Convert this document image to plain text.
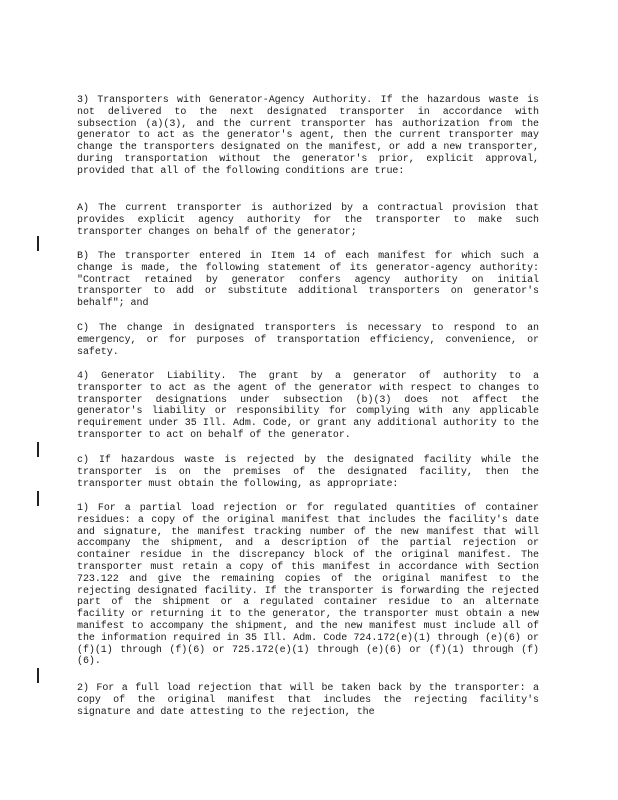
3) Transporters with Generator-Agency Authority. If the hazardous waste is not delivered to the next designated transporter in accordance with subsection (a)(3), and the current transporter has authorization from the generator to act as the generator's agent, then the current transporter may change the transporters designated on the manifest, or add a new transporter, during transportation without the generator's prior, explicit approval, provided that all of the following conditions are true:

A) The current transporter is authorized by a contractual provision that provides explicit agency authority for the transporter to make such transporter changes on behalf of the generator;

B) The transporter entered in Item 14 of each manifest for which such a change is made, the following statement of its generator-agency authority: "Contract retained by generator confers agency authority on initial transporter to add or substitute additional transporters on generator's behalf"; and

C) The change in designated transporters is necessary to respond to an emergency, or for purposes of transportation efficiency, convenience, or safety.

4) Generator Liability. The grant by a generator of authority to a transporter to act as the agent of the generator with respect to changes to transporter designations under subsection (b)(3) does not affect the generator's liability or responsibility for complying with any applicable requirement under 35 Ill. Adm. Code, or grant any additional authority to the transporter to act on behalf of the generator.

c) If hazardous waste is rejected by the designated facility while the transporter is on the premises of the designated facility, then the transporter must obtain the following, as appropriate:

1) For a partial load rejection or for regulated quantities of container residues: a copy of the original manifest that includes the facility's date and signature, the manifest tracking number of the new manifest that will accompany the shipment, and a description of the partial rejection or container residue in the discrepancy block of the original manifest. The transporter must retain a copy of this manifest in accordance with Section 723.122 and give the remaining copies of the original manifest to the rejecting designated facility. If the transporter is forwarding the rejected part of the shipment or a regulated container residue to an alternate facility or returning it to the generator, the transporter must obtain a new manifest to accompany the shipment, and the new manifest must include all of the information required in 35 Ill. Adm. Code 724.172(e)(1) through (e)(6) or (f)(1) through (f)(6) or 725.172(e)(1) through (e)(6) or (f)(1) through (f)(6).

2) For a full load rejection that will be taken back by the transporter: a copy of the original manifest that includes the rejecting facility's signature and date attesting to the rejection, the
